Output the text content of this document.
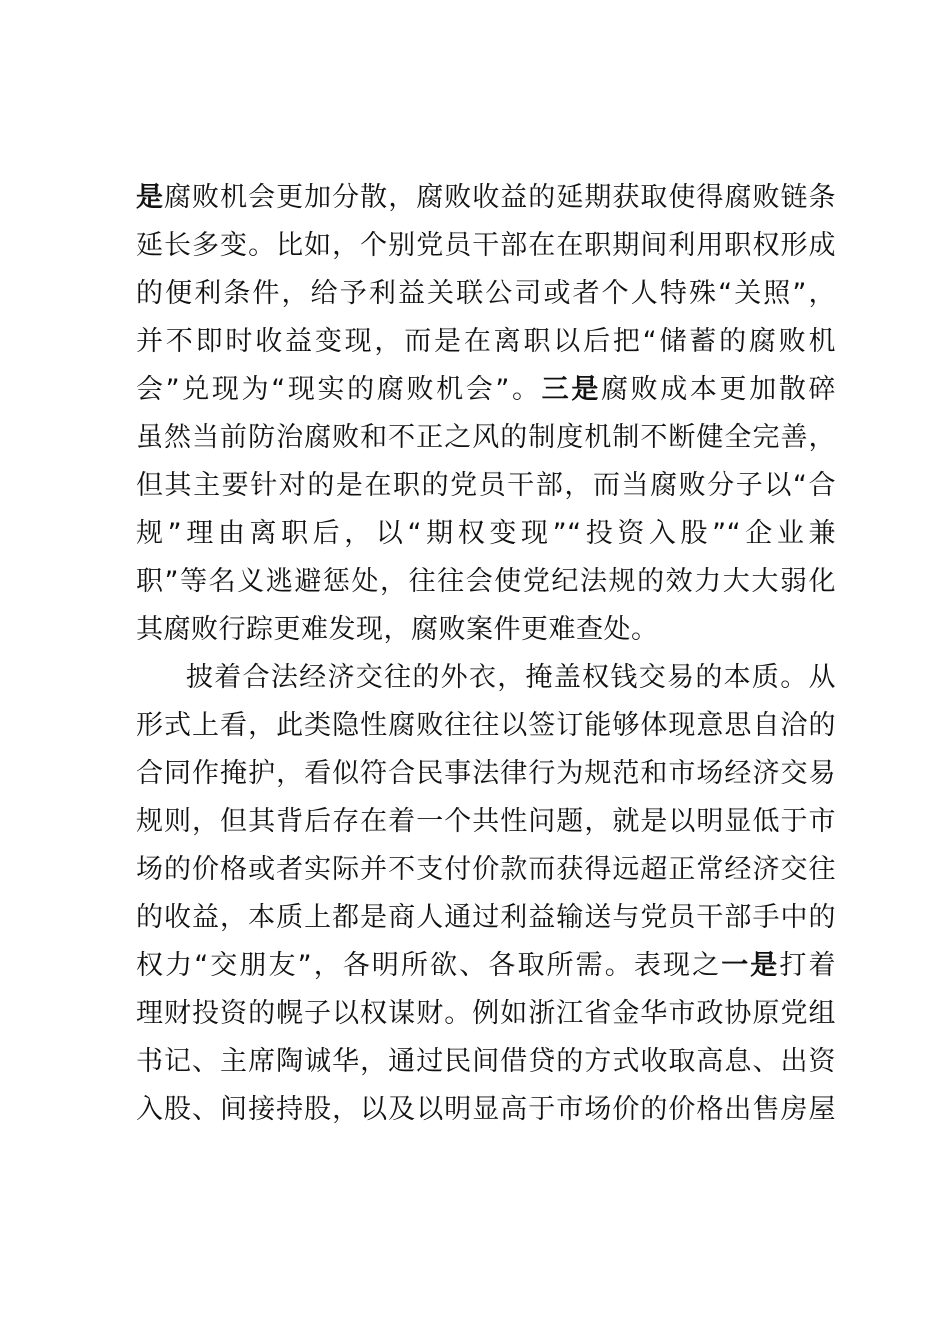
是腐败机会更加分散，腐败收益的延期获取使得腐败链条
延长多变。比如，个别党员干部在在职期间利用职权形成
的便利条件，给予利益关联公司或者个人特殊“关照”，
并不即时收益变现，而是在离职以后把“储蓄的腐败机
会”兑现为“现实的腐败机会”。三是腐败成本更加散碎
虽然当前防治腐败和不正之风的制度机制不断健全完善，
但其主要针对的是在职的党员干部，而当腐败分子以“合
规”理由离职后，以“期权变现”“投资入股”“企业兼
职”等名义逃避惩处，往往会使党纪法规的效力大大弱化
其腐败行踪更难发现，腐败案件更难查处。
披着合法经济交往的外衣，掩盖权钱交易的本质。从
形式上看，此类隐性腐败往往以签订能够体现意思自洽的
合同作掩护，看似符合民事法律行为规范和市场经济交易
规则，但其背后存在着一个共性问题，就是以明显低于市
场的价格或者实际并不支付价款而获得远超正常经济交往
的收益，本质上都是商人通过利益输送与党员干部手中的
权力“交朋友”，各明所欲、各取所需。表现之一是打着
理财投资的幌子以权谋财。例如浙江省金华市政协原党组
书记、主席陶诚华，通过民间借贷的方式收取高息、出资
入股、间接持股，以及以明显高于市场价的价格出售房屋
